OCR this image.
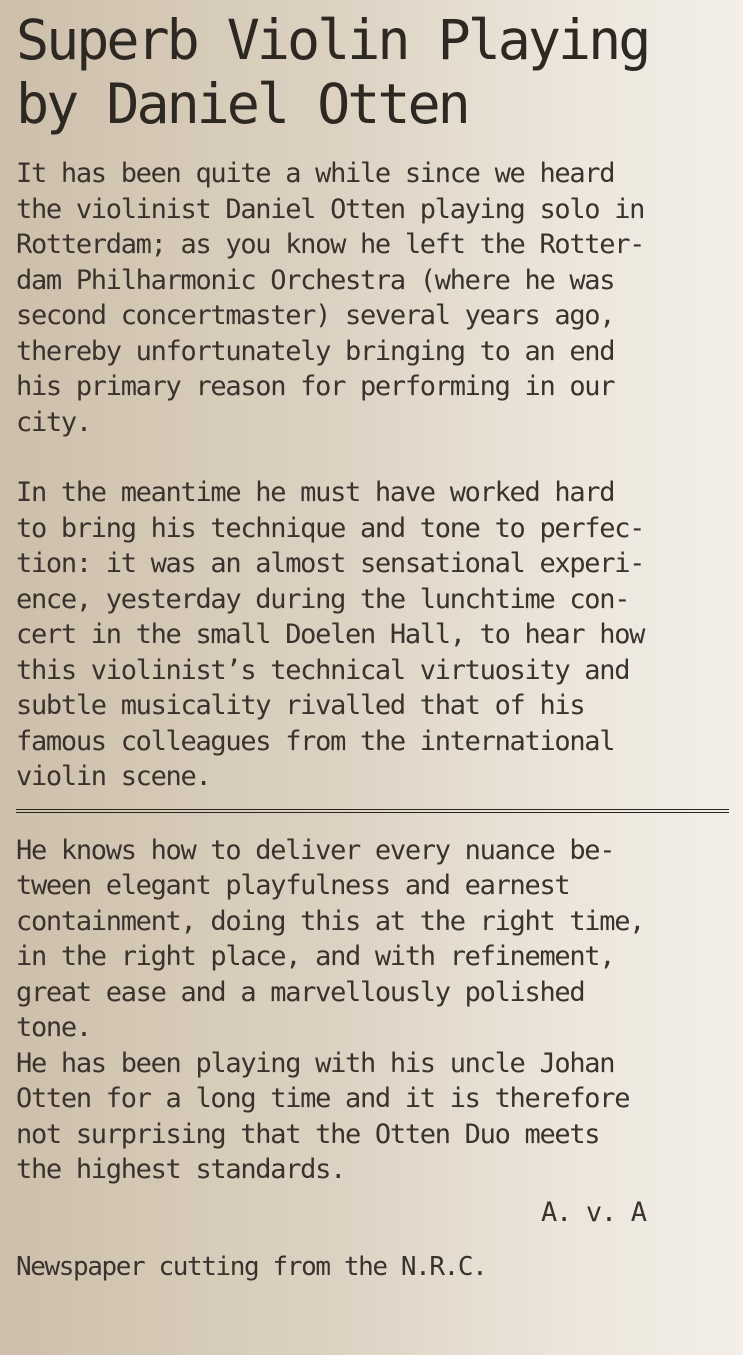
Superb Violin Playing
by Daniel Otten
It has been quite a while since we heard
the violinist Daniel Otten playing solo in
Rotterdam; as you know he left the Rotter-
dam Philharmonic Orchestra (where he was
second concertmaster) several years ago,
thereby unfortunately bringing to an end
his primary reason for performing in our
city.
In the meantime he must have worked hard
to bring his technique and tone to perfec-
tion: it was an almost sensational experi-
ence, yesterday during the lunchtime con-
cert in the small Doelen Hall, to hear how
this violinist’s technical virtuosity and
subtle musicality rivalled that of his
famous colleagues from the international
violin scene.
He knows how to deliver every nuance be-
tween elegant playfulness and earnest
containment, doing this at the right time,
in the right place, and with refinement,
great ease and a marvellously polished
tone.
He has been playing with his uncle Johan
Otten for a long time and it is therefore
not surprising that the Otten Duo meets
the highest standards.
A. v. A
Newspaper cutting from the N.R.C.
